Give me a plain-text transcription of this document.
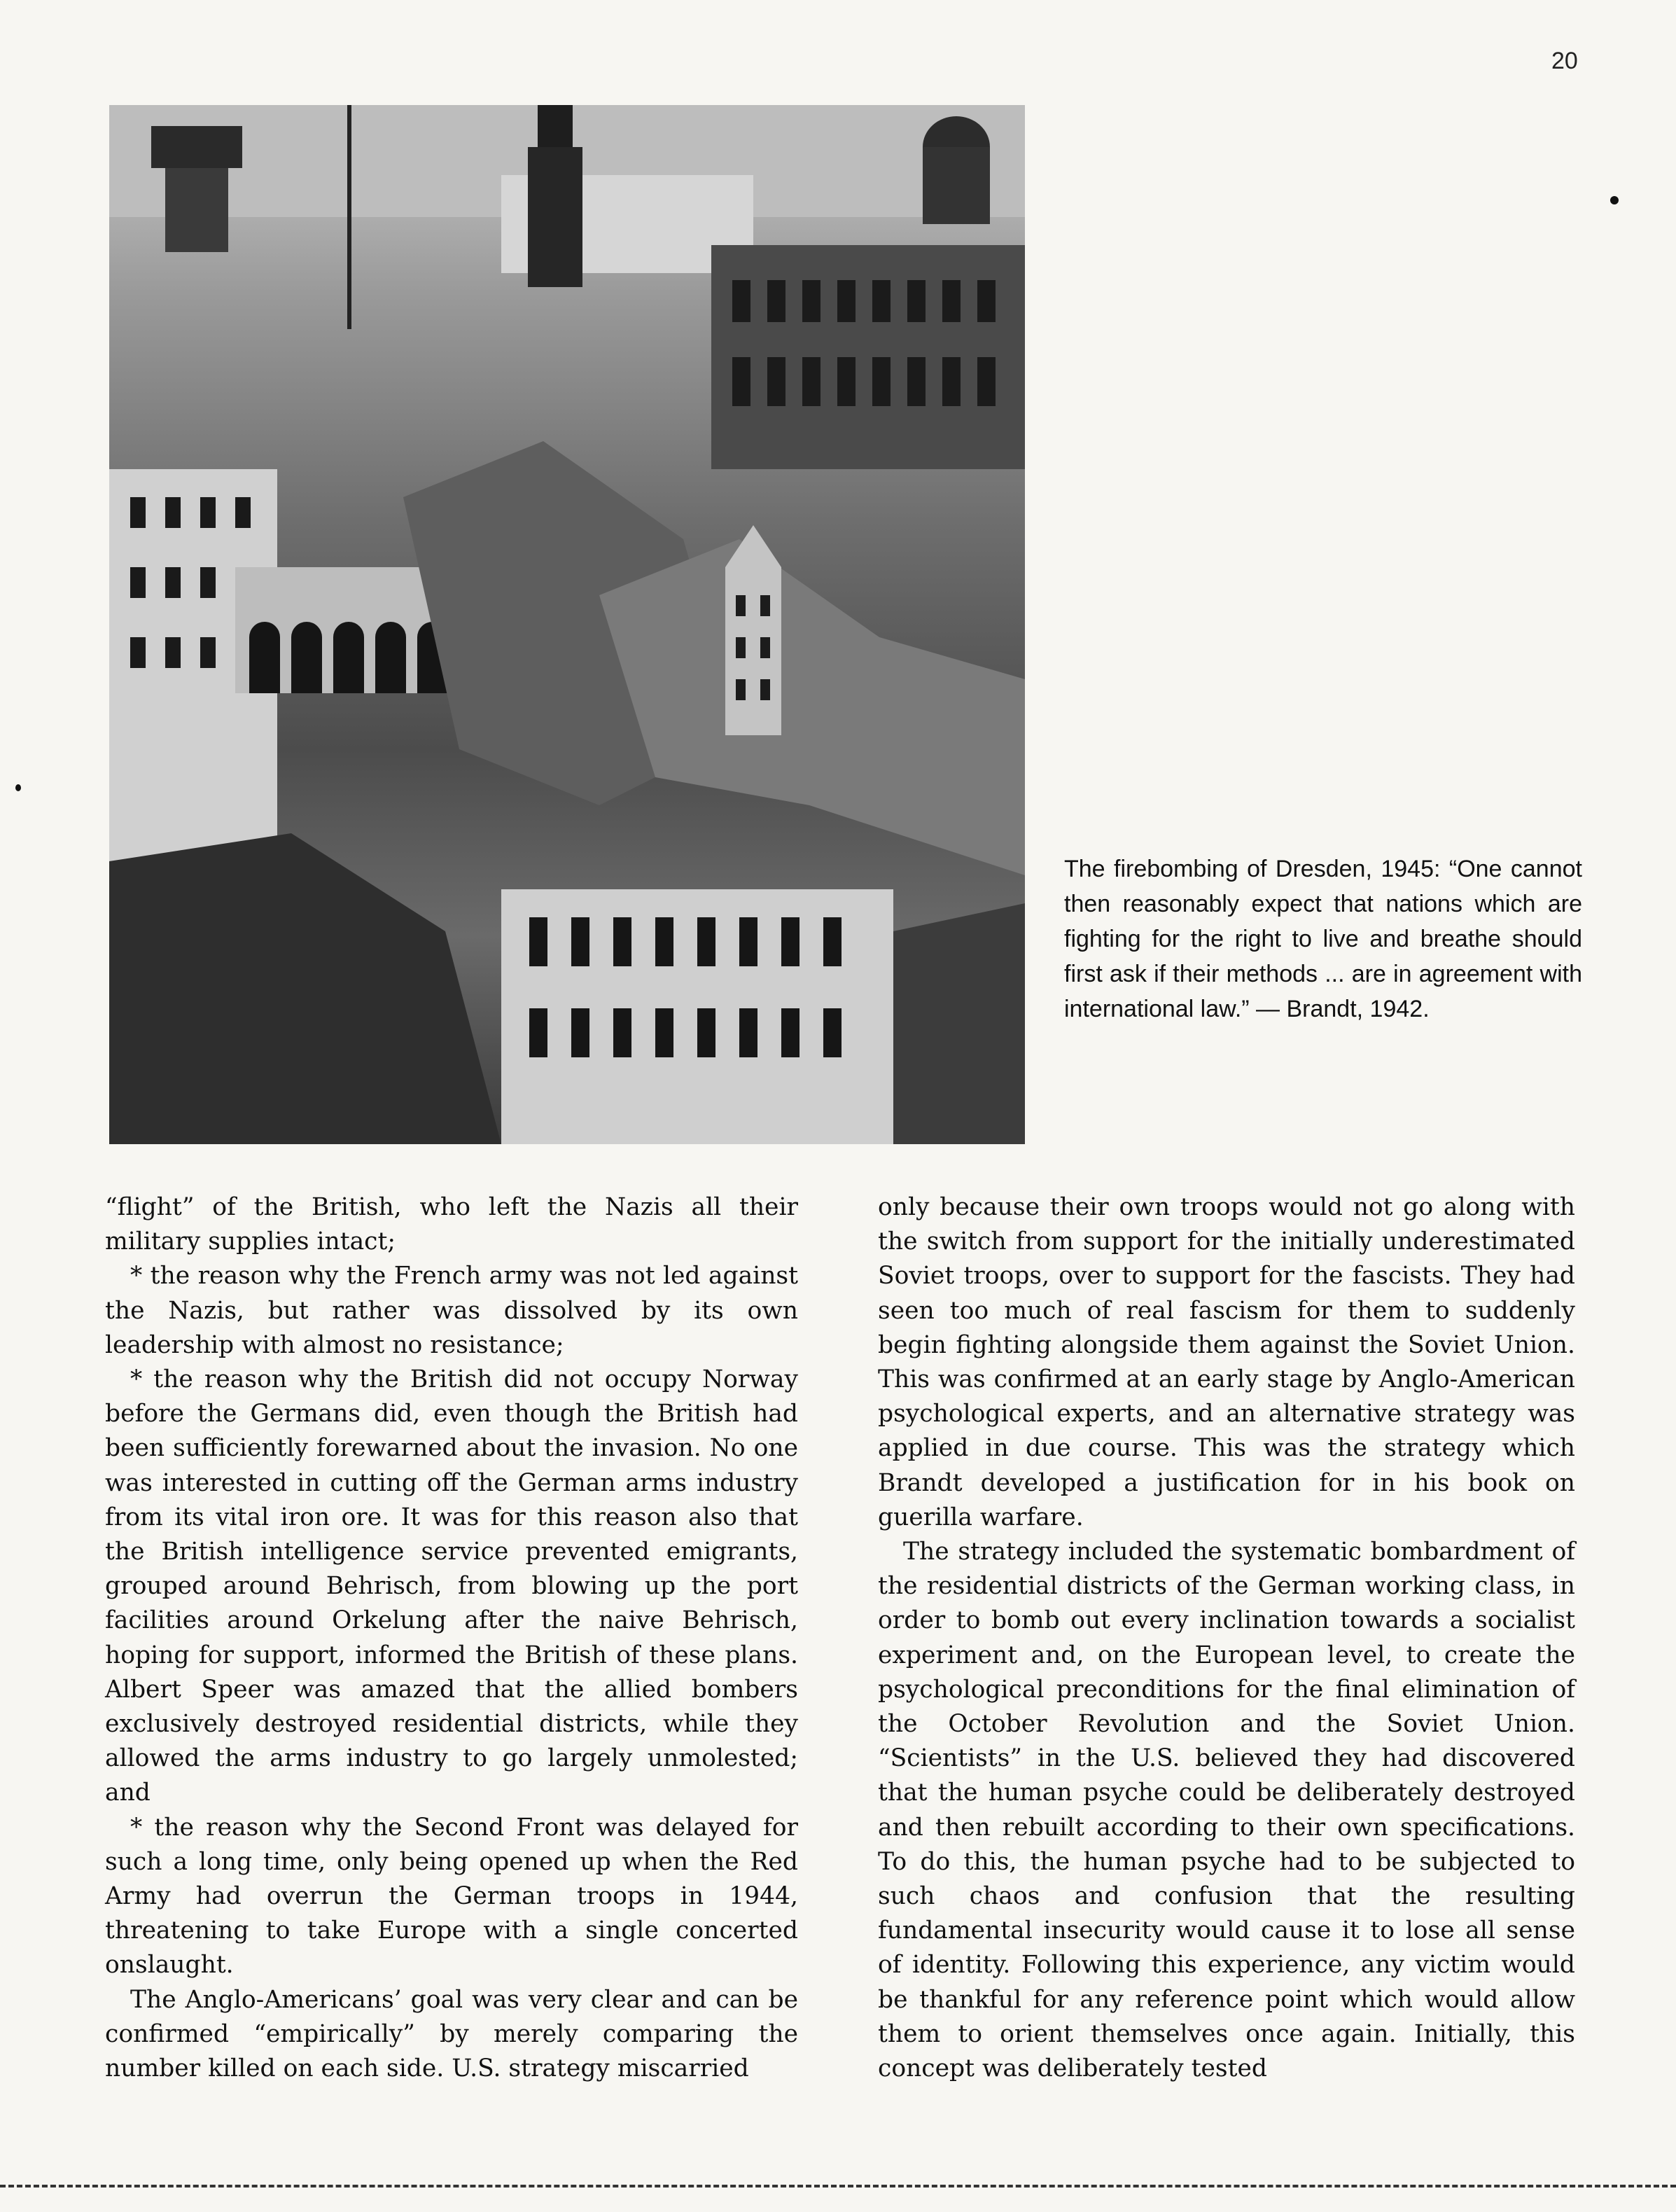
20
The firebombing of Dresden, 1945: “One cannot then reasonably expect that nations which are fighting for the right to live and breathe should first ask if their methods ... are in agreement with international law.” — Brandt, 1942.

“flight” of the British, who left the Nazis all their military supplies intact;

* the reason why the French army was not led against the Nazis, but rather was dissolved by its own leadership with almost no resistance;

* the reason why the British did not occupy Norway before the Germans did, even though the British had been sufficiently forewarned about the invasion. No one was interested in cutting off the German arms industry from its vital iron ore. It was for this reason also that the British intelligence service prevented emigrants, grouped around Behrisch, from blowing up the port facilities around Orkelung after the naive Behrisch, hoping for support, informed the British of these plans. Albert Speer was amazed that the allied bombers exclusively destroyed residential districts, while they allowed the arms industry to go largely unmolested; and

* the reason why the Second Front was delayed for such a long time, only being opened up when the Red Army had overrun the German troops in 1944, threatening to take Europe with a single concerted onslaught.

The Anglo-Americans’ goal was very clear and can be confirmed “empirically” by merely comparing the number killed on each side. U.S. strategy miscarried

only because their own troops would not go along with the switch from support for the initially underestimated Soviet troops, over to support for the fascists. They had seen too much of real fascism for them to suddenly begin fighting alongside them against the Soviet Union. This was confirmed at an early stage by Anglo-American psychological experts, and an alternative strategy was applied in due course. This was the strategy which Brandt developed a justification for in his book on guerilla warfare.

The strategy included the systematic bombardment of the residential districts of the German working class, in order to bomb out every inclination towards a socialist experiment and, on the European level, to create the psychological preconditions for the final elimination of the October Revolution and the Soviet Union. “Scientists” in the U.S. believed they had discovered that the human psyche could be deliberately destroyed and then rebuilt according to their own specifications. To do this, the human psyche had to be subjected to such chaos and confusion that the resulting fundamental insecurity would cause it to lose all sense of identity. Following this experience, any victim would be thankful for any reference point which would allow them to orient themselves once again. Initially, this concept was deliberately tested
